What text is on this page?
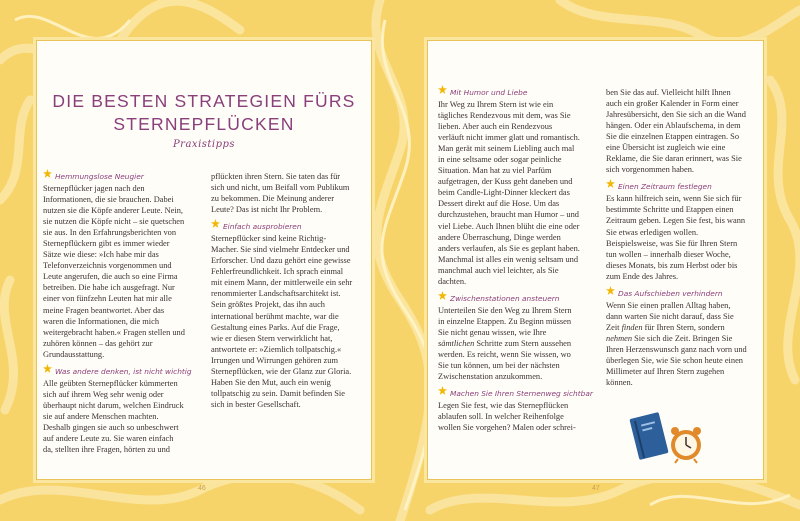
DIE BESTEN STRATEGIEN FÜRS
STERNEPFLÜCKEN
Praxistipps
Hemmungslose Neugier

Sternepflücker jagen nach den Informationen, die sie brauchen. Dabei nutzen sie die Köpfe anderer Leute. Nein, sie nutzen die Köpfe nicht – sie quetschen sie aus. In den Erfahrungsberichten von Sternepflückern gibt es immer wieder Sätze wie diese: »Ich habe mir das Telefonverzeichnis vorgenommen und Leute angerufen, die auch so eine Firma betreiben. Die habe ich ausgefragt. Nur einer von fünfzehn Leuten hat mir alle meine Fragen beantwortet. Aber das waren die Informationen, die mich weitergebracht haben.« Fragen stellen und zuhören können – das gehört zur Grundausstattung.

Was andere denken, ist nicht wichtig

Alle geübten Sternepflücker kümmerten sich auf ihrem Weg sehr wenig oder überhaupt nicht darum, welchen Eindruck sie auf andere Menschen machten. Deshalb gingen sie auch so unbeschwert auf andere Leute zu. Sie waren einfach da, stellten ihre Fragen, hörten zu und

pflückten ihren Stern. Sie taten das für sich und nicht, um Beifall vom Publikum zu bekommen. Die Meinung anderer Leute? Das ist nicht Ihr Problem.

Einfach ausprobieren

Sternepflücker sind keine Richtig-Macher. Sie sind vielmehr Entdecker und Erforscher. Und dazu gehört eine gewisse Fehlerfreundlichkeit. Ich sprach einmal mit einem Mann, der mittlerweile ein sehr renommierter Landschaftsarchitekt ist. Sein größtes Projekt, das ihn auch international berühmt machte, war die Gestaltung eines Parks. Auf die Frage, wie er diesen Stern verwirklicht hat, antwortete er: »Ziemlich tollpatschig.« Irrungen und Wirrungen gehören zum Sternepflücken, wie der Glanz zur Gloria. Haben Sie den Mut, auch ein wenig tollpatschig zu sein. Damit befinden Sie sich in bester Gesellschaft.

46
Mit Humor und Liebe

Ihr Weg zu Ihrem Stern ist wie ein tägliches Rendezvous mit dem, was Sie lieben. Aber auch ein Rendezvous verläuft nicht immer glatt und romantisch. Man gerät mit seinem Liebling auch mal in eine seltsame oder sogar peinliche Situation. Man hat zu viel Parfüm aufgetragen, der Kuss geht daneben und beim Candle-Light-Dinner kleckert das Dessert direkt auf die Hose. Um das durchzustehen, braucht man Humor – und viel Liebe. Auch Ihnen blüht die eine oder andere Überraschung, Dinge werden anders verlaufen, als Sie es geplant haben. Manchmal ist alles ein wenig seltsam und manchmal auch viel leichter, als Sie dachten.

Zwischenstationen ansteuern

Unterteilen Sie den Weg zu Ihrem Stern in einzelne Etappen. Zu Beginn müssen Sie nicht genau wissen, wie Ihre sämtlichen Schritte zum Stern aussehen werden. Es reicht, wenn Sie wissen, wo Sie tun können, um bei der nächsten Zwischenstation anzukommen.

Machen Sie Ihren Sternenweg sichtbar

Legen Sie fest, wie das Sternepflücken ablaufen soll. In welcher Reihenfolge wollen Sie vorgehen? Malen oder schrei-

ben Sie das auf. Vielleicht hilft Ihnen auch ein großer Kalender in Form einer Jahresübersicht, den Sie sich an die Wand hängen. Oder ein Ablaufschema, in dem Sie die einzelnen Etappen eintragen. So eine Übersicht ist zugleich wie eine Reklame, die Sie daran erinnert, was Sie sich vorgenommen haben.

Einen Zeitraum festlegen

Es kann hilfreich sein, wenn Sie sich für bestimmte Schritte und Etappen einen Zeitraum geben. Legen Sie fest, bis wann Sie etwas erledigen wollen. Beispielsweise, was Sie für Ihren Stern tun wollen – innerhalb dieser Woche, dieses Monats, bis zum Herbst oder bis zum Ende des Jahres.

Das Aufschieben verhindern

Wenn Sie einen prallen Alltag haben, dann warten Sie nicht darauf, dass Sie Zeit finden für Ihren Stern, sondern nehmen Sie sich die Zeit. Bringen Sie Ihren Herzenswunsch ganz nach vorn und überlegen Sie, wie Sie schon heute einen Millimeter auf Ihren Stern zugehen können.

47
